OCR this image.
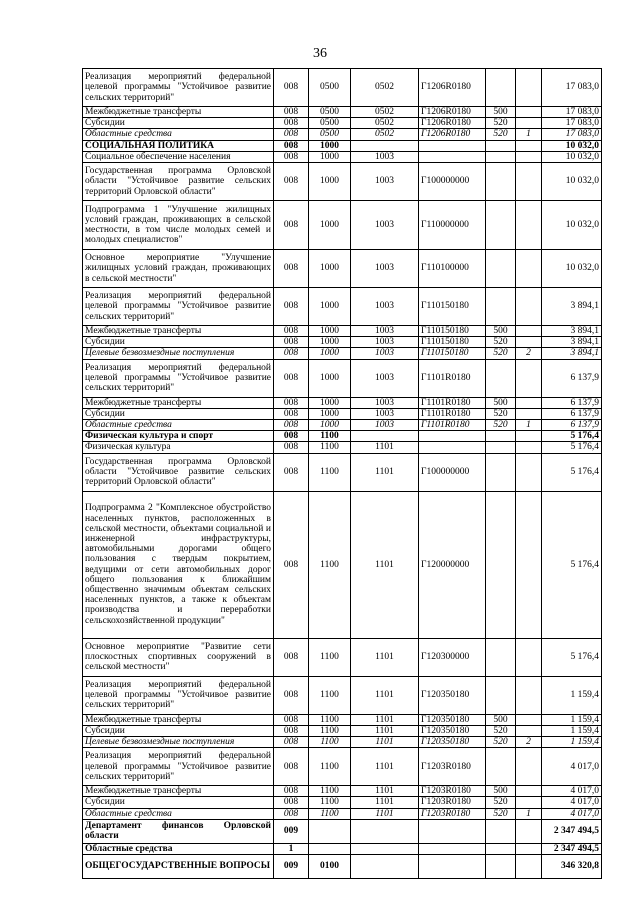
36
Реализация мероприятий федеральной целевой программы "Устойчивое развитие сельских территорий"	008	0500	0502	Г1206R0180			17 083,0
Межбюджетные трансферты	008	0500	0502	Г1206R0180	500		17 083,0
Субсидии	008	0500	0502	Г1206R0180	520		17 083,0
Областные средства	008	0500	0502	Г1206R0180	520	1	17 083,0
СОЦИАЛЬНАЯ ПОЛИТИКА	008	1000					10 032,0
Социальное обеспечение населения	008	1000	1003				10 032,0
Государственная программа Орловской области "Устойчивое развитие сельских территорий Орловской области"	008	1000	1003	Г100000000			10 032,0
Подпрограмма 1 "Улучшение жилищных условий граждан, проживающих в сельской местности, в том числе молодых семей и молодых специалистов"	008	1000	1003	Г110000000			10 032,0
Основное мероприятие "Улучшение жилищных условий граждан, проживающих в сельской местности"	008	1000	1003	Г110100000			10 032,0
Реализация мероприятий федеральной целевой программы "Устойчивое развитие сельских территорий"	008	1000	1003	Г110150180			3 894,1
Межбюджетные трансферты	008	1000	1003	Г110150180	500		3 894,1
Субсидии	008	1000	1003	Г110150180	520		3 894,1
Целевые безвозмездные поступления	008	1000	1003	Г110150180	520	2	3 894,1
Реализация мероприятий федеральной целевой программы "Устойчивое развитие сельских территорий"	008	1000	1003	Г1101R0180			6 137,9
Межбюджетные трансферты	008	1000	1003	Г1101R0180	500		6 137,9
Субсидии	008	1000	1003	Г1101R0180	520		6 137,9
Областные средства	008	1000	1003	Г1101R0180	520	1	6 137,9
Физическая культура и спорт	008	1100					5 176,4
Физическая культура	008	1100	1101				5 176,4
Государственная программа Орловской области "Устойчивое развитие сельских территорий Орловской области"	008	1100	1101	Г100000000			5 176,4
Подпрограмма 2 "Комплексное обустройство населенных пунктов, расположенных в сельской местности, объектами социальной и инженерной инфраструктуры, автомобильными дорогами общего пользования с твердым покрытием, ведущими от сети автомобильных дорог общего пользования к ближайшим общественно значимым объектам сельских населенных пунктов, а также к объектам производства и переработки сельскохозяйственной продукции"	008	1100	1101	Г120000000			5 176,4
Основное мероприятие "Развитие сети плоскостных спортивных сооружений в сельской местности"	008	1100	1101	Г120300000			5 176,4
Реализация мероприятий федеральной целевой программы "Устойчивое развитие сельских территорий"	008	1100	1101	Г120350180			1 159,4
Межбюджетные трансферты	008	1100	1101	Г120350180	500		1 159,4
Субсидии	008	1100	1101	Г120350180	520		1 159,4
Целевые безвозмездные поступления	008	1100	1101	Г120350180	520	2	1 159,4
Реализация мероприятий федеральной целевой программы "Устойчивое развитие сельских территорий"	008	1100	1101	Г1203R0180			4 017,0
Межбюджетные трансферты	008	1100	1101	Г1203R0180	500		4 017,0
Субсидии	008	1100	1101	Г1203R0180	520		4 017,0
Областные средства	008	1100	1101	Г1203R0180	520	1	4 017,0
Департамент финансов Орловской области	009						2 347 494,5
Областные средства	1						2 347 494,5
ОБЩЕГОСУДАРСТВЕННЫЕ ВОПРОСЫ	009	0100					346 320,8
